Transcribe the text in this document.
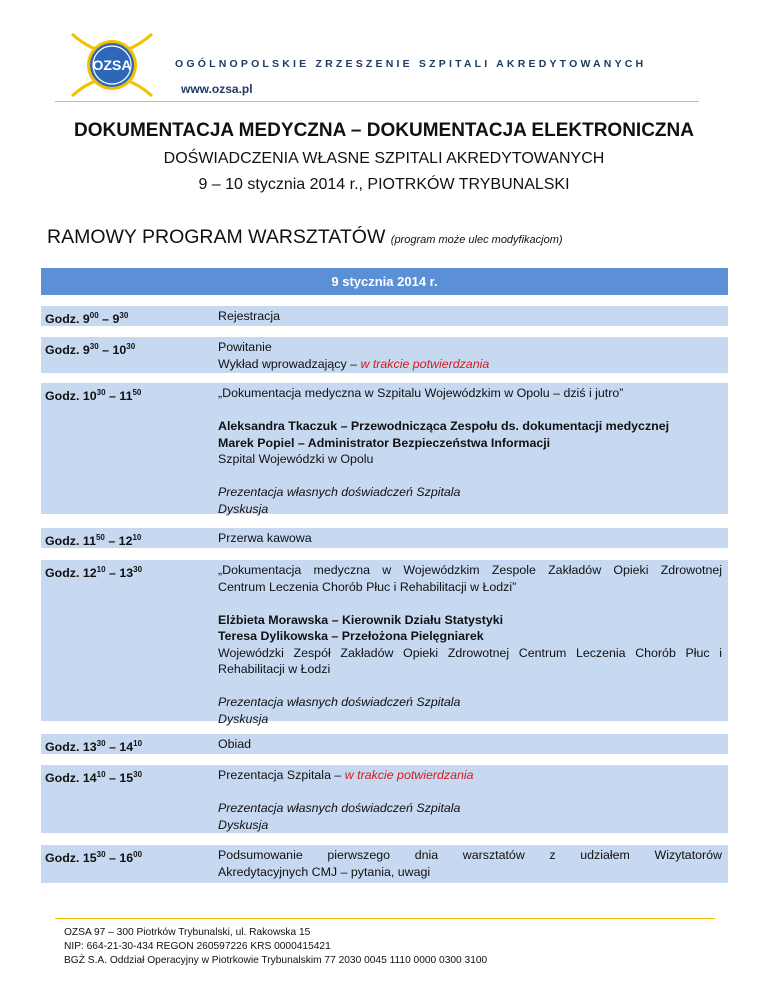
OZSA	OGÓLNOPOLSKIE ZRZESZENIE SZPITALI AKREDYTOWANYCH
www.ozsa.pl
DOKUMENTACJA MEDYCZNA – DOKUMENTACJA ELEKTRONICZNA
DOŚWIADCZENIA WŁASNE SZPITALI AKREDYTOWANYCH
9 – 10 stycznia 2014 r., PIOTRKÓW TRYBUNALSKI
RAMOWY PROGRAM WARSZTATÓW (program może ulec modyfikacjom)
9 stycznia 2014 r.
Godz. $9^{00} - 9^{30}$	Rejestracja

Godz. $9^{30} - 10^{30}$	Powitanie

Wykład wprowadzający – w trakcie potwierdzania

Godz. $10^{30} - 11^{50}$	„Dokumentacja medyczna w Szpitalu Wojewódzkim w Opolu – dziś i jutro”

Aleksandra Tkaczuk – Przewodnicząca Zespołu ds. dokumentacji medycznej

Marek Popiel – Administrator Bezpieczeństwa Informacji

Szpital Wojewódzki w Opolu

Prezentacja własnych doświadczeń Szpitala

Dyskusja

Godz. $11^{50} - 12^{10}$	Przerwa kawowa

Godz. $12^{10} - 13^{30}$	„Dokumentacja medyczna w Wojewódzkim Zespole Zakładów Opieki Zdrowotnej

Centrum Leczenia Chorób Płuc i Rehabilitacji w Łodzi”

Elżbieta Morawska – Kierownik Działu Statystyki

Teresa Dylikowska – Przełożona Pielęgniarek

Wojewódzki Zespół Zakładów Opieki Zdrowotnej Centrum Leczenia Chorób Płuc i

Rehabilitacji w Łodzi

Prezentacja własnych doświadczeń Szpitala

Dyskusja

Godz. $13^{30} - 14^{10}$	Obiad

Godz. $14^{10} - 15^{30}$	Prezentacja Szpitala – w trakcie potwierdzania

Prezentacja własnych doświadczeń Szpitala

Dyskusja

Godz. $15^{30} - 16^{00}$	Podsumowanie pierwszego dnia warsztatów z udziałem Wizytatorów

Akredytacyjnych CMJ – pytania, uwagi

OZSA 97 – 300 Piotrków Trybunalski, ul. Rakowska 15
NIP: 664-21-30-434 REGON 260597226 KRS 0000415421
BGŻ S.A. Oddział Operacyjny w Piotrkowie Trybunalskim 77 2030 0045 1110 0000 0300 3100
